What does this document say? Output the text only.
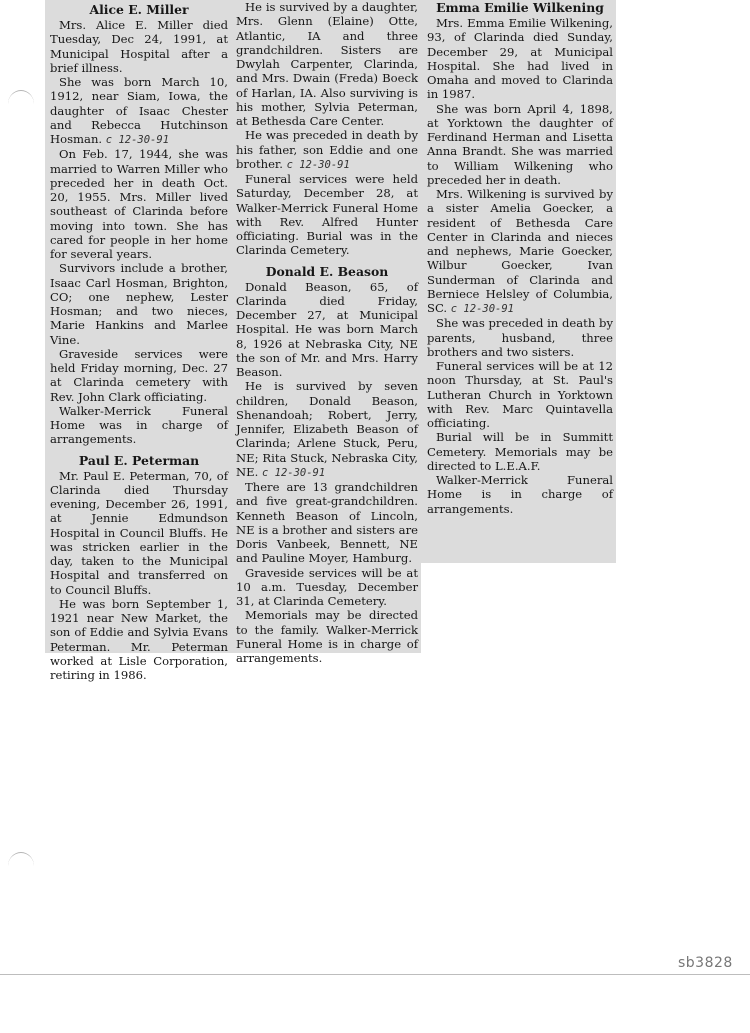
Alice E. Miller

Mrs. Alice E. Miller died Tuesday, Dec 24, 1991, at Municipal Hospital after a brief illness.

She was born March 10, 1912, near Siam, Iowa, the daughter of Isaac Chester and Rebecca Hutchinson Hosman. c 12-30-91

On Feb. 17, 1944, she was married to Warren Miller who preceded her in death Oct. 20, 1955. Mrs. Miller lived southeast of Clarinda before moving into town. She has cared for people in her home for several years.

Survivors include a brother, Isaac Carl Hosman, Brighton, CO; one nephew, Lester Hosman; and two nieces, Marie Hankins and Marlee Vine.

Graveside services were held Friday morning, Dec. 27 at Clarinda cemetery with Rev. John Clark officiating.

Walker-Merrick Funeral Home was in charge of arrangements.

Paul E. Peterman

Mr. Paul E. Peterman, 70, of Clarinda died Thursday evening, December 26, 1991, at Jennie Edmundson Hospital in Council Bluffs. He was stricken earlier in the day, taken to the Municipal Hospital and transferred on to Council Bluffs.

He was born September 1, 1921 near New Market, the son of Eddie and Sylvia Evans Peterman. Mr. Peterman worked at Lisle Corporation, retiring in 1986.

He is survived by a daughter, Mrs. Glenn (Elaine) Otte, Atlantic, IA and three grandchildren. Sisters are Dwylah Carpenter, Clarinda, and Mrs. Dwain (Freda) Boeck of Harlan, IA. Also surviving is his mother, Sylvia Peterman, at Bethesda Care Center.

He was preceded in death by his father, son Eddie and one brother. c 12-30-91

Funeral services were held Saturday, December 28, at Walker-Merrick Funeral Home with Rev. Alfred Hunter officiating. Burial was in the Clarinda Cemetery.

Donald E. Beason

Donald Beason, 65, of Clarinda died Friday, December 27, at Municipal Hospital. He was born March 8, 1926 at Nebraska City, NE the son of Mr. and Mrs. Harry Beason.

He is survived by seven children, Donald Beason, Shenandoah; Robert, Jerry, Jennifer, Elizabeth Beason of Clarinda; Arlene Stuck, Peru, NE; Rita Stuck, Nebraska City, NE. c 12-30-91

There are 13 grandchildren and five great-grandchildren. Kenneth Beason of Lincoln, NE is a brother and sisters are Doris Vanbeek, Bennett, NE and Pauline Moyer, Hamburg.

Graveside services will be at 10 a.m. Tuesday, December 31, at Clarinda Cemetery.

Memorials may be directed to the family. Walker-Merrick Funeral Home is in charge of arrangements.

Emma Emilie Wilkening

Mrs. Emma Emilie Wilkening, 93, of Clarinda died Sunday, December 29, at Municipal Hospital. She had lived in Omaha and moved to Clarinda in 1987.

She was born April 4, 1898, at Yorktown the daughter of Ferdinand Herman and Lisetta Anna Brandt. She was married to William Wilkening who preceded her in death.

Mrs. Wilkening is survived by a sister Amelia Goecker, a resident of Bethesda Care Center in Clarinda and nieces and nephews, Marie Goecker, Wilbur Goecker, Ivan Sunderman of Clarinda and Berniece Helsley of Columbia, SC. c 12-30-91

She was preceded in death by parents, husband, three brothers and two sisters.

Funeral services will be at 12 noon Thursday, at St. Paul's Lutheran Church in Yorktown with Rev. Marc Quintavella officiating.

Burial will be in Summitt Cemetery. Memorials may be directed to L.E.A.F.

Walker-Merrick Funeral Home is in charge of arrangements.

sb3828
